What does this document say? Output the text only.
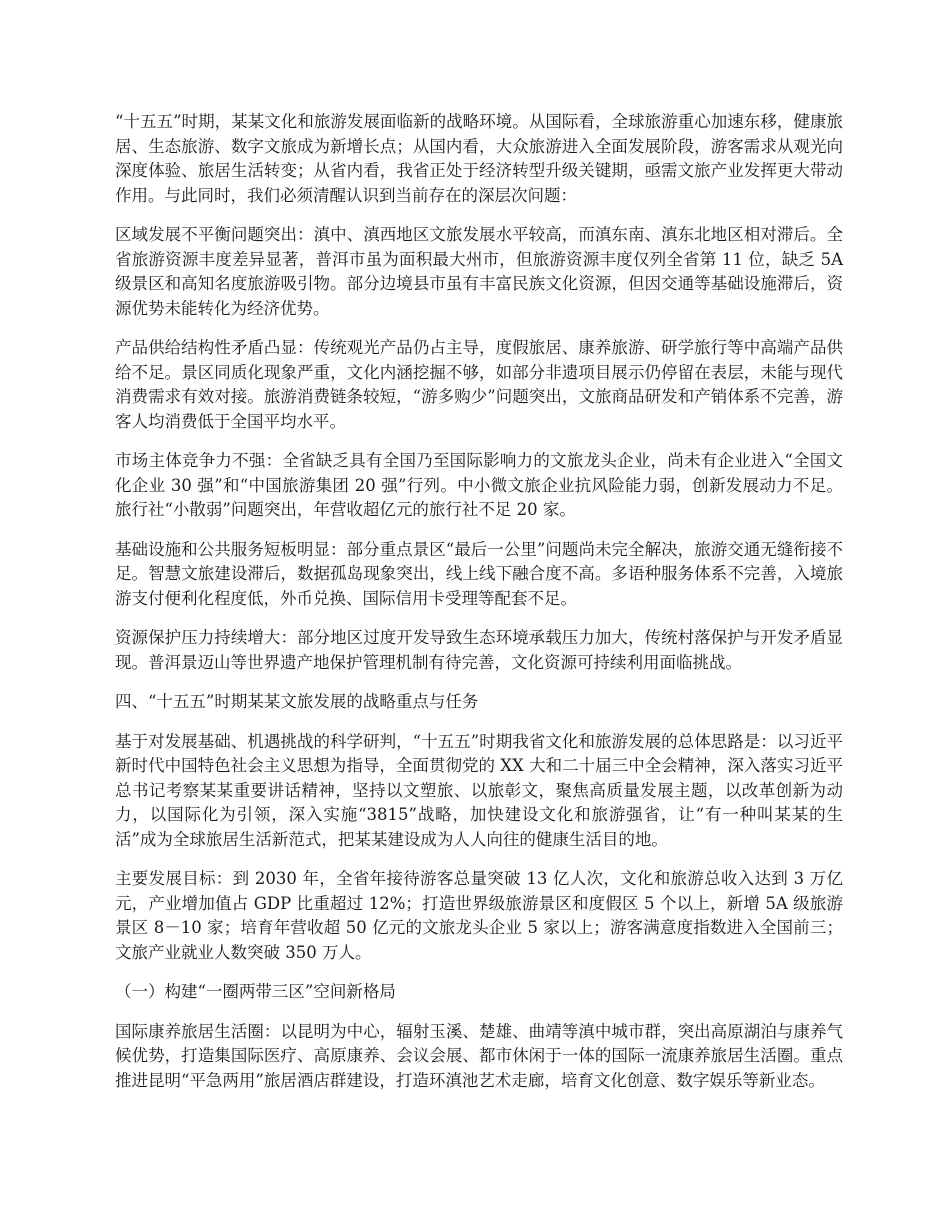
“十五五”时期，某某文化和旅游发展面临新的战略环境。从国际看，全球旅游重心加速东移，健康旅居、生态旅游、数字文旅成为新增长点；从国内看，大众旅游进入全面发展阶段，游客需求从观光向深度体验、旅居生活转变；从省内看，我省正处于经济转型升级关键期，亟需文旅产业发挥更大带动作用。与此同时，我们必须清醒认识到当前存在的深层次问题：

区域发展不平衡问题突出：滇中、滇西地区文旅发展水平较高，而滇东南、滇东北地区相对滞后。全省旅游资源丰度差异显著，普洱市虽为面积最大州市，但旅游资源丰度仅列全省第 11 位，缺乏 5A 级景区和高知名度旅游吸引物。部分边境县市虽有丰富民族文化资源，但因交通等基础设施滞后，资源优势未能转化为经济优势。

产品供给结构性矛盾凸显：传统观光产品仍占主导，度假旅居、康养旅游、研学旅行等中高端产品供给不足。景区同质化现象严重，文化内涵挖掘不够，如部分非遗项目展示仍停留在表层，未能与现代消费需求有效对接。旅游消费链条较短，“游多购少”问题突出，文旅商品研发和产销体系不完善，游客人均消费低于全国平均水平。

市场主体竞争力不强：全省缺乏具有全国乃至国际影响力的文旅龙头企业，尚未有企业进入“全国文化企业 30 强”和“中国旅游集团 20 强”行列。中小微文旅企业抗风险能力弱，创新发展动力不足。旅行社“小散弱”问题突出，年营收超亿元的旅行社不足 20 家。

基础设施和公共服务短板明显：部分重点景区“最后一公里”问题尚未完全解决，旅游交通无缝衔接不足。智慧文旅建设滞后，数据孤岛现象突出，线上线下融合度不高。多语种服务体系不完善，入境旅游支付便利化程度低，外币兑换、国际信用卡受理等配套不足。

资源保护压力持续增大：部分地区过度开发导致生态环境承载压力加大，传统村落保护与开发矛盾显现。普洱景迈山等世界遗产地保护管理机制有待完善，文化资源可持续利用面临挑战。

四、“十五五”时期某某文旅发展的战略重点与任务

基于对发展基础、机遇挑战的科学研判，“十五五”时期我省文化和旅游发展的总体思路是：以习近平新时代中国特色社会主义思想为指导，全面贯彻党的 XX 大和二十届三中全会精神，深入落实习近平总书记考察某某重要讲话精神，坚持以文塑旅、以旅彰文，聚焦高质量发展主题，以改革创新为动力，以国际化为引领，深入实施“3815”战略，加快建设文化和旅游强省，让“有一种叫某某的生活”成为全球旅居生活新范式，把某某建设成为人人向往的健康生活目的地。

主要发展目标：到 2030 年，全省年接待游客总量突破 13 亿人次，文化和旅游总收入达到 3 万亿元，产业增加值占 GDP 比重超过 12%；打造世界级旅游景区和度假区 5 个以上，新增 5A 级旅游景区 8－10 家；培育年营收超 50 亿元的文旅龙头企业 5 家以上；游客满意度指数进入全国前三；文旅产业就业人数突破 350 万人。

（一）构建“一圈两带三区”空间新格局

国际康养旅居生活圈：以昆明为中心，辐射玉溪、楚雄、曲靖等滇中城市群，突出高原湖泊与康养气候优势，打造集国际医疗、高原康养、会议会展、都市休闲于一体的国际一流康养旅居生活圈。重点推进昆明“平急两用”旅居酒店群建设，打造环滇池艺术走廊，培育文化创意、数字娱乐等新业态。
